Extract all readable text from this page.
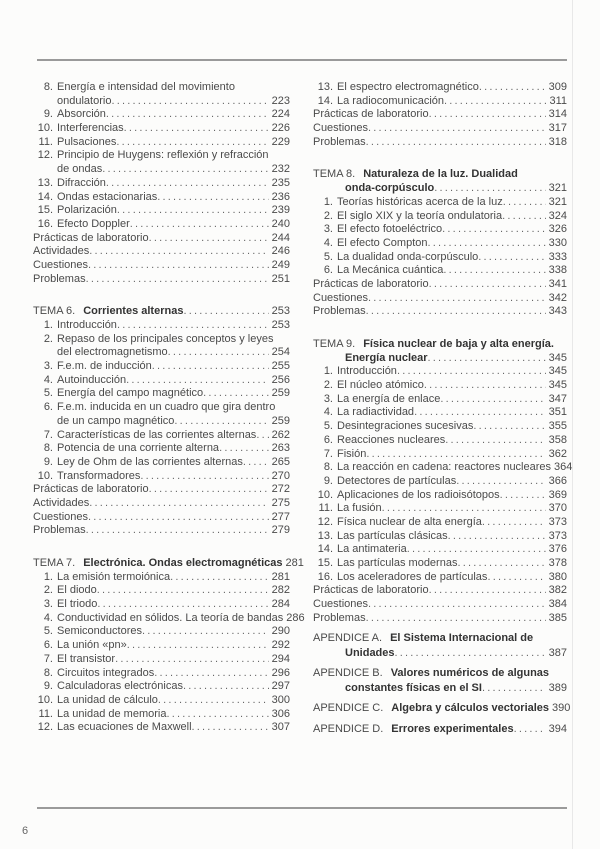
8. Energía e intensidad del movimiento
ondulatorio .....	223
9. Absorción .....	224
10. Interferencias .....	226
11. Pulsaciones .....	229
12. Principio de Huygens: reflexión y refracción
de ondas .....	232
13. Difracción .....	235
14. Ondas estacionarias .....	236
15. Polarización .....	239
16. Efecto Doppler .....	240
Prácticas de laboratorio .....	244
Actividades .....	246
Cuestiones .....	249
Problemas .....	251
TEMA 6. Corrientes alternas .....	253
1. Introducción .....	253
2. Repaso de los principales conceptos y leyes
del electromagnetismo .....	254
3. F.e.m. de inducción .....	255
4. Autoinducción .....	256
5. Energía del campo magnético .....	259
6. F.e.m. inducida en un cuadro que gira dentro
de un campo magnético .....	259
7. Características de las corrientes alternas ..... 262
8. Potencia de una corriente alterna .....	263
9. Ley de Ohm de las corrientes alternas .....	265
10. Transformadores .....	270
Prácticas de laboratorio .....	272
Actividades .....	275
Cuestiones .....	277
Problemas .....	279
TEMA 7. Electrónica. Ondas electromagnéticas 281
1. La emisión termoiónica .....	281
2. El diodo .....	282
3. El triodo .....	284
4. Conductividad en sólidos. La teoría de bandas 286
5. Semiconductores .....	290
6. La unión «pn» .....	292
7. El transistor .....	294
8. Circuitos integrados .....	296
9. Calculadoras electrónicas .....	297
10. La unidad de cálculo .....	300
11. La unidad de memoria .....	306
12. Las ecuaciones de Maxwell .....	307
13. El espectro electromagnético .....	309
14. La radiocomunicación .....	311
Prácticas de laboratorio .....	314
Cuestiones .....	317
Problemas .....	318
TEMA 8. Naturaleza de la luz. Dualidad
onda-corpúsculo .....	321
1. Teorías históricas acerca de la luz .....	321
2. El siglo XIX y la teoría ondulatoria .....	324
3. El efecto fotoeléctrico .....	326
4. El efecto Compton .....	330
5. La dualidad onda-corpúsculo .....	333
6. La Mecánica cuántica .....	338
Prácticas de laboratorio .....	341
Cuestiones .....	342
Problemas .....	343
TEMA 9. Física nuclear de baja y alta energía.
Energía nuclear .....	345
1. Introducción .....	345
2. El núcleo atómico .....	345
3. La energía de enlace .....	347
4. La radiactividad .....	351
5. Desintegraciones sucesivas .....	355
6. Reacciones nucleares .....	358
7. Fisión .....	362
8. La reacción en cadena: reactores nucleares 364
9. Detectores de partículas .....	366
10. Aplicaciones de los radioisótopos .....	369
11. La fusión .....	370
12. Física nuclear de alta energía .....	373
13. Las partículas clásicas .....	373
14. La antimateria .....	376
15. Las partículas modernas .....	378
16. Los aceleradores de partículas .....	380
Prácticas de laboratorio .....	382
Cuestiones .....	384
Problemas .....	385
APENDICE A. El Sistema Internacional de
Unidades .....	387
APENDICE B. Valores numéricos de algunas
constantes físicas en el SI .....	389
APENDICE C. Algebra y cálculos vectoriales 390
APENDICE D. Errores experimentales .....	394
6
